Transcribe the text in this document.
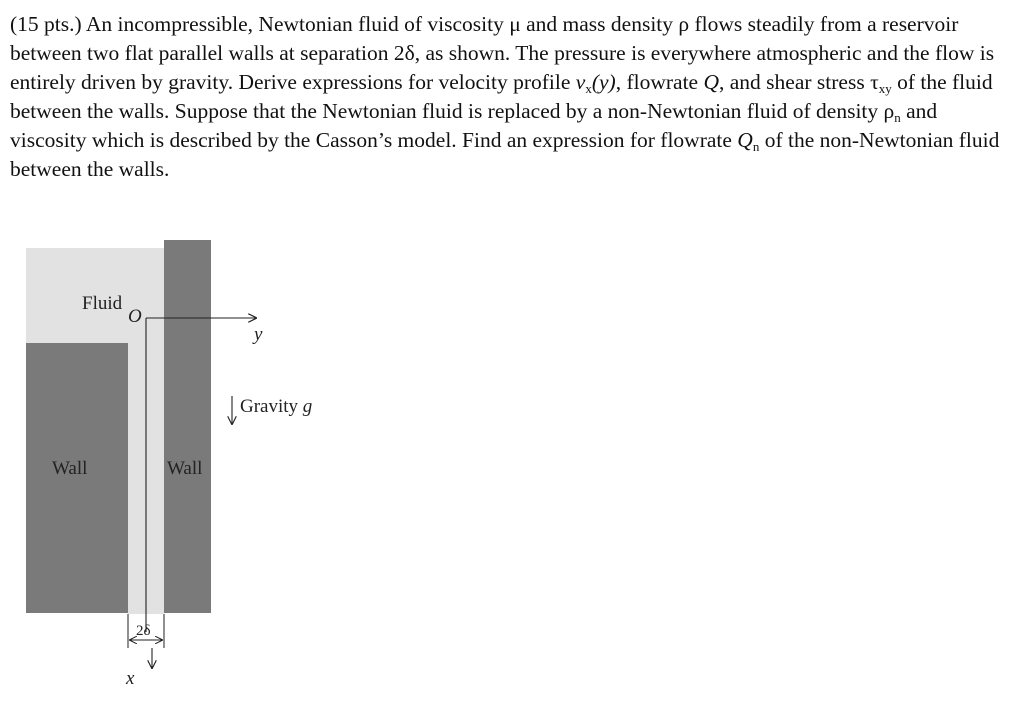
(15 pts.) An incompressible, Newtonian fluid of viscosity μ and mass density ρ flows steadily from a reservoir between two flat parallel walls at separation 2δ, as shown. The pressure is everywhere atmospheric and the flow is entirely driven by gravity. Derive expressions for velocity profile $v_x(y)$, flowrate Q, and shear stress $\tau_{xy}$ of the fluid between the walls. Suppose that the Newtonian fluid is replaced by a non-Newtonian fluid of density $\rho_n$ and viscosity which is described by the Casson’s model. Find an expression for flowrate $Q_n$ of the non-Newtonian fluid between the walls.

Fluid
O
y
Gravity g
Wall	Wall
2δ
x
